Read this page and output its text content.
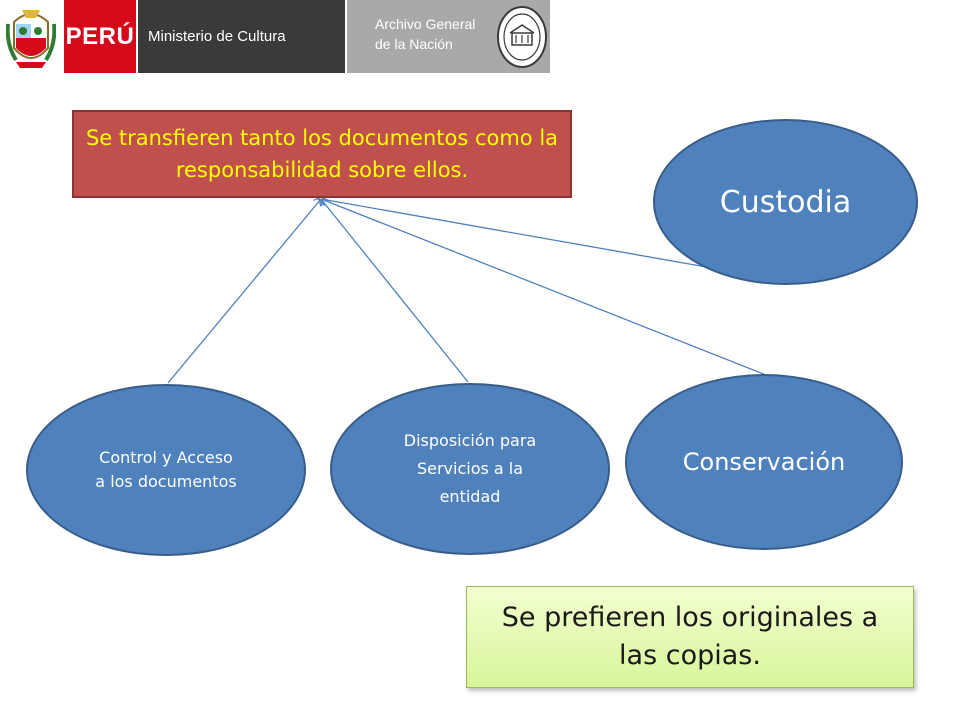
PERÚ Ministerio de Cultura
Archivo General
de la Nación
Se transfieren tanto los documentos como la responsabilidad sobre ellos.
Custodia
Control y Acceso
a los documentos
Disposición para
Servicios a la
entidad
Conservación
Se prefieren los originales a
las copias.
